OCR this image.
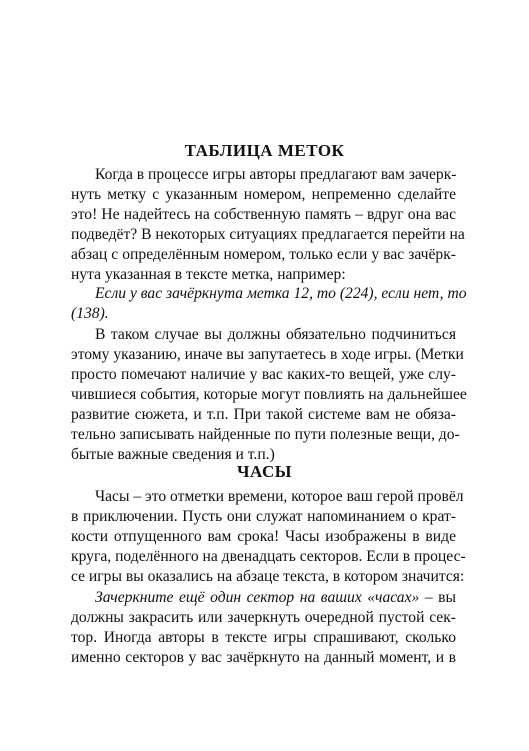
ТАБЛИЦА МЕТОК
Когда в процессе игры авторы предлагают вам зачерк-
нуть метку с указанным номером, непременно сделайте
это! Не надейтесь на собственную память – вдруг она вас
подведёт? В некоторых ситуациях предлагается перейти на
абзац с определённым номером, только если у вас зачёрк-
нута указанная в тексте метка, например:
Если у вас зачёркнута метка 12, то (224), если нет, то
(138).
В таком случае вы должны обязательно подчиниться
этому указанию, иначе вы запутаетесь в ходе игры. (Метки
просто помечают наличие у вас каких-то вещей, уже слу-
чившиеся события, которые могут повлиять на дальнейшее
развитие сюжета, и т.п. При такой системе вам не обяза-
тельно записывать найденные по пути полезные вещи, до-
бытые важные сведения и т.п.)
ЧАСЫ
Часы – это отметки времени, которое ваш герой провёл
в приключении. Пусть они служат напоминанием о крат-
кости отпущенного вам срока! Часы изображены в виде
круга, поделённого на двенадцать секторов. Если в процес-
се игры вы оказались на абзаце текста, в котором значится:
Зачеркните ещё один сектор на ваших «часах» – вы
должны закрасить или зачеркнуть очередной пустой сек-
тор. Иногда авторы в тексте игры спрашивают, сколько
именно секторов у вас зачёркнуто на данный момент, и в
